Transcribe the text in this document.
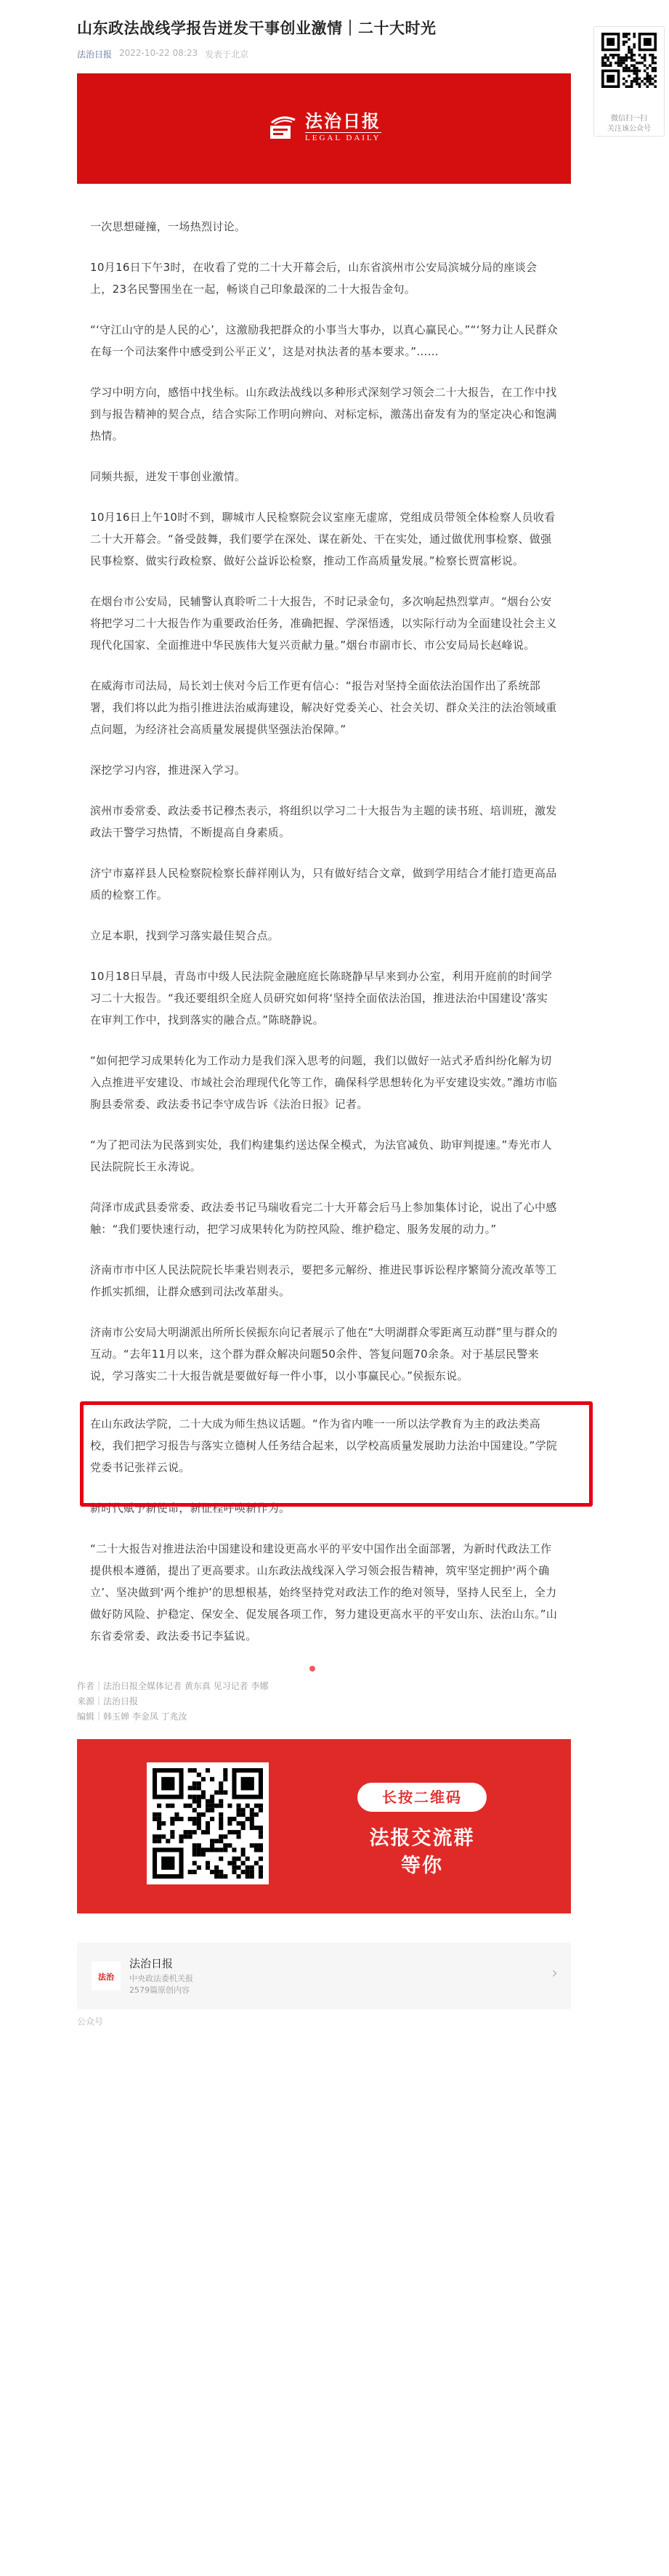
山东政法战线学报告迸发干事创业激情｜二十大时光
法治日报 2022-10-22 08:23 发表于北京
法治日报
LEGAL DAILY

一次思想碰撞，一场热烈讨论。

10月16日下午3时，在收看了党的二十大开幕会后，山东省滨州市公安局滨城分局的座谈会上，23名民警围坐在一起，畅谈自己印象最深的二十大报告金句。

“‘守江山守的是人民的心’，这激励我把群众的小事当大事办，以真心赢民心。”“‘努力让人民群众在每一个司法案件中感受到公平正义’，这是对执法者的基本要求。”……

学习中明方向，感悟中找坐标。山东政法战线以多种形式深刻学习领会二十大报告，在工作中找到与报告精神的契合点，结合实际工作明向辨向、对标定标，激荡出奋发有为的坚定决心和饱满热情。

同频共振，迸发干事创业激情。

10月16日上午10时不到，聊城市人民检察院会议室座无虚席，党组成员带领全体检察人员收看二十大开幕会。“备受鼓舞，我们要学在深处、谋在新处、干在实处，通过做优刑事检察、做强民事检察、做实行政检察、做好公益诉讼检察，推动工作高质量发展。”检察长贾富彬说。

在烟台市公安局，民辅警认真聆听二十大报告，不时记录金句，多次响起热烈掌声。“烟台公安将把学习二十大报告作为重要政治任务，准确把握、学深悟透，以实际行动为全面建设社会主义现代化国家、全面推进中华民族伟大复兴贡献力量。”烟台市副市长、市公安局局长赵峰说。

在威海市司法局，局长刘士侠对今后工作更有信心：“报告对坚持全面依法治国作出了系统部署，我们将以此为指引推进法治威海建设，解决好党委关心、社会关切、群众关注的法治领域重点问题，为经济社会高质量发展提供坚强法治保障。”

深挖学习内容，推进深入学习。

滨州市委常委、政法委书记穆杰表示，将组织以学习二十大报告为主题的读书班、培训班，激发政法干警学习热情，不断提高自身素质。

济宁市嘉祥县人民检察院检察长薛祥刚认为，只有做好结合文章，做到学用结合才能打造更高品质的检察工作。

立足本职，找到学习落实最佳契合点。

10月18日早晨，青岛市中级人民法院金融庭庭长陈晓静早早来到办公室，利用开庭前的时间学习二十大报告。“我还要组织全庭人员研究如何将‘坚持全面依法治国，推进法治中国建设’落实在审判工作中，找到落实的融合点。”陈晓静说。

“如何把学习成果转化为工作动力是我们深入思考的问题，我们以做好一站式矛盾纠纷化解为切入点推进平安建设、市域社会治理现代化等工作，确保科学思想转化为平安建设实效。”潍坊市临朐县委常委、政法委书记李守成告诉《法治日报》记者。

“为了把司法为民落到实处，我们构建集约送达保全模式，为法官减负、助审判提速。”寿光市人民法院院长王永涛说。

菏泽市成武县委常委、政法委书记马瑞收看完二十大开幕会后马上参加集体讨论，说出了心中感触：“我们要快速行动，把学习成果转化为防控风险、维护稳定、服务发展的动力。”

济南市市中区人民法院院长毕秉岩则表示，要把多元解纷、推进民事诉讼程序繁简分流改革等工作抓实抓细，让群众感到司法改革甜头。

济南市公安局大明湖派出所所长侯振东向记者展示了他在“大明湖群众零距离互动群”里与群众的互动。“去年11月以来，这个群为群众解决问题50余件、答复问题70余条。对于基层民警来说，学习落实二十大报告就是要做好每一件小事，以小事赢民心。”侯振东说。

在山东政法学院，二十大成为师生热议话题。“作为省内唯一一所以法学教育为主的政法类高校，我们把学习报告与落实立德树人任务结合起来，以学校高质量发展助力法治中国建设。”学院党委书记张祥云说。

新时代赋予新使命，新征程呼唤新作为。

“二十大报告对推进法治中国建设和建设更高水平的平安中国作出全面部署，为新时代政法工作提供根本遵循，提出了更高要求。山东政法战线深入学习领会报告精神，筑牢坚定拥护‘两个确立’、坚决做到‘两个维护’的思想根基，始终坚持党对政法工作的绝对领导，坚持人民至上，全力做好防风险、护稳定、保安全、促发展各项工作，努力建设更高水平的平安山东、法治山东。”山东省委常委、政法委书记李猛说。

作者｜法治日报全媒体记者 黄东真 见习记者 李娜
来源｜法治日报
编辑｜韩玉婵 李金凤 丁兆汝
长按二维码
法报交流群
等你
法治
法治日报
中央政法委机关报
2579篇原创内容
›
公众号
微信扫一扫
关注该公众号
